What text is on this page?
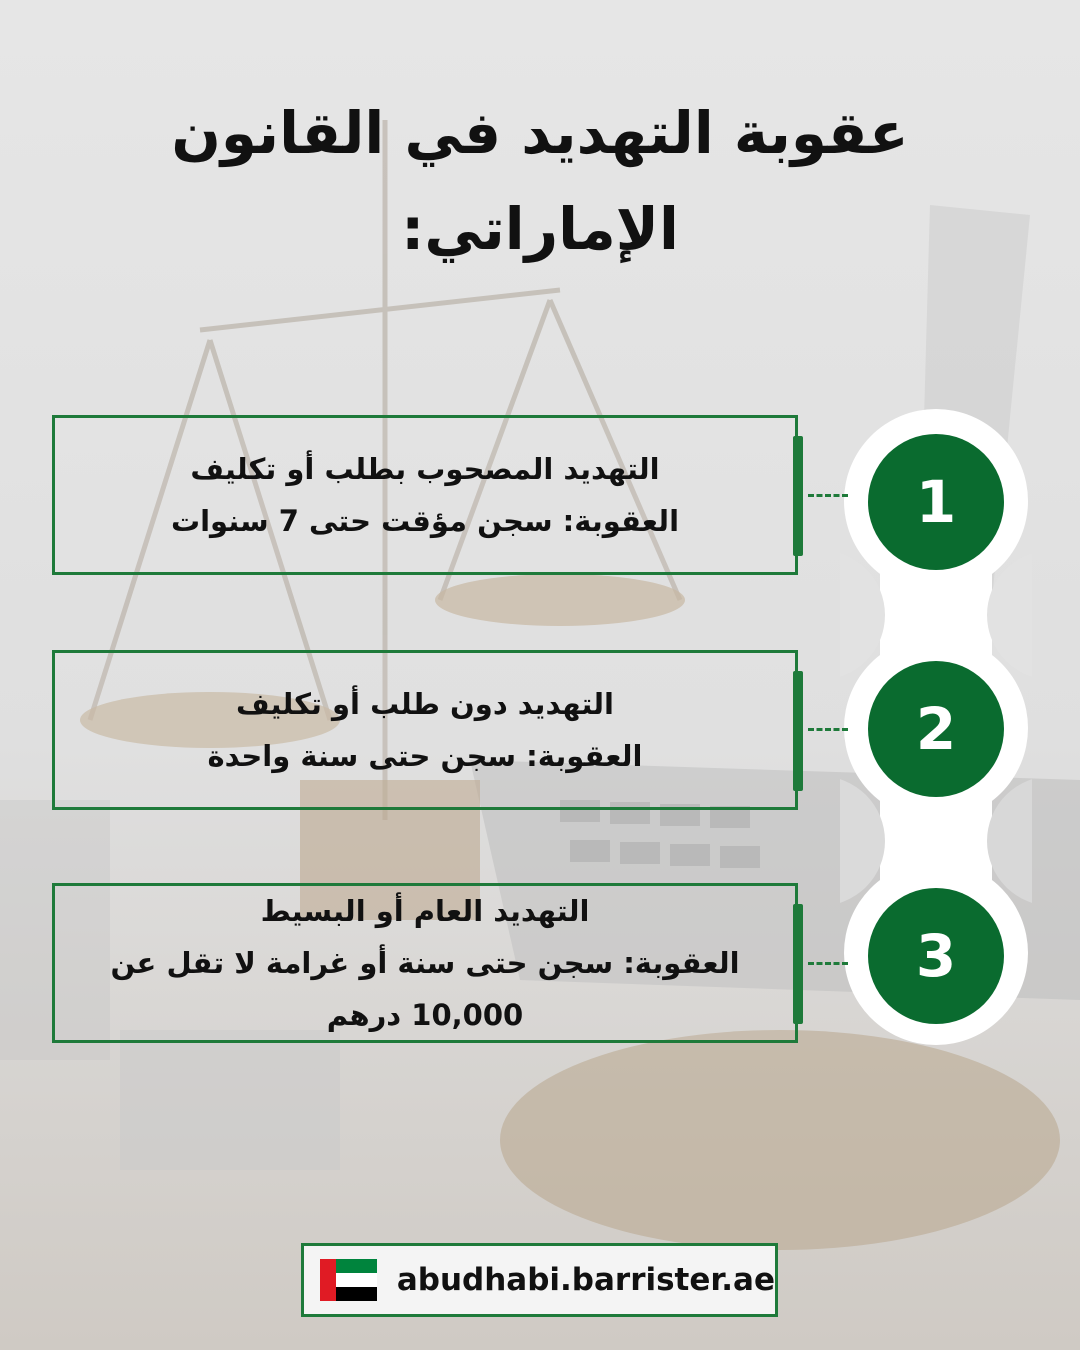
عقوبة التهديد في القانون الإماراتي:
التهديد المصحوب بطلب أو تكليف
العقوبة: سجن مؤقت حتى 7 سنوات	1
التهديد دون طلب أو تكليف
العقوبة: سجن حتى سنة واحدة	2
التهديد العام أو البسيط
العقوبة: سجن حتى سنة أو غرامة لا تقل عن 10,000 درهم
3
abudhabi.barrister.ae
